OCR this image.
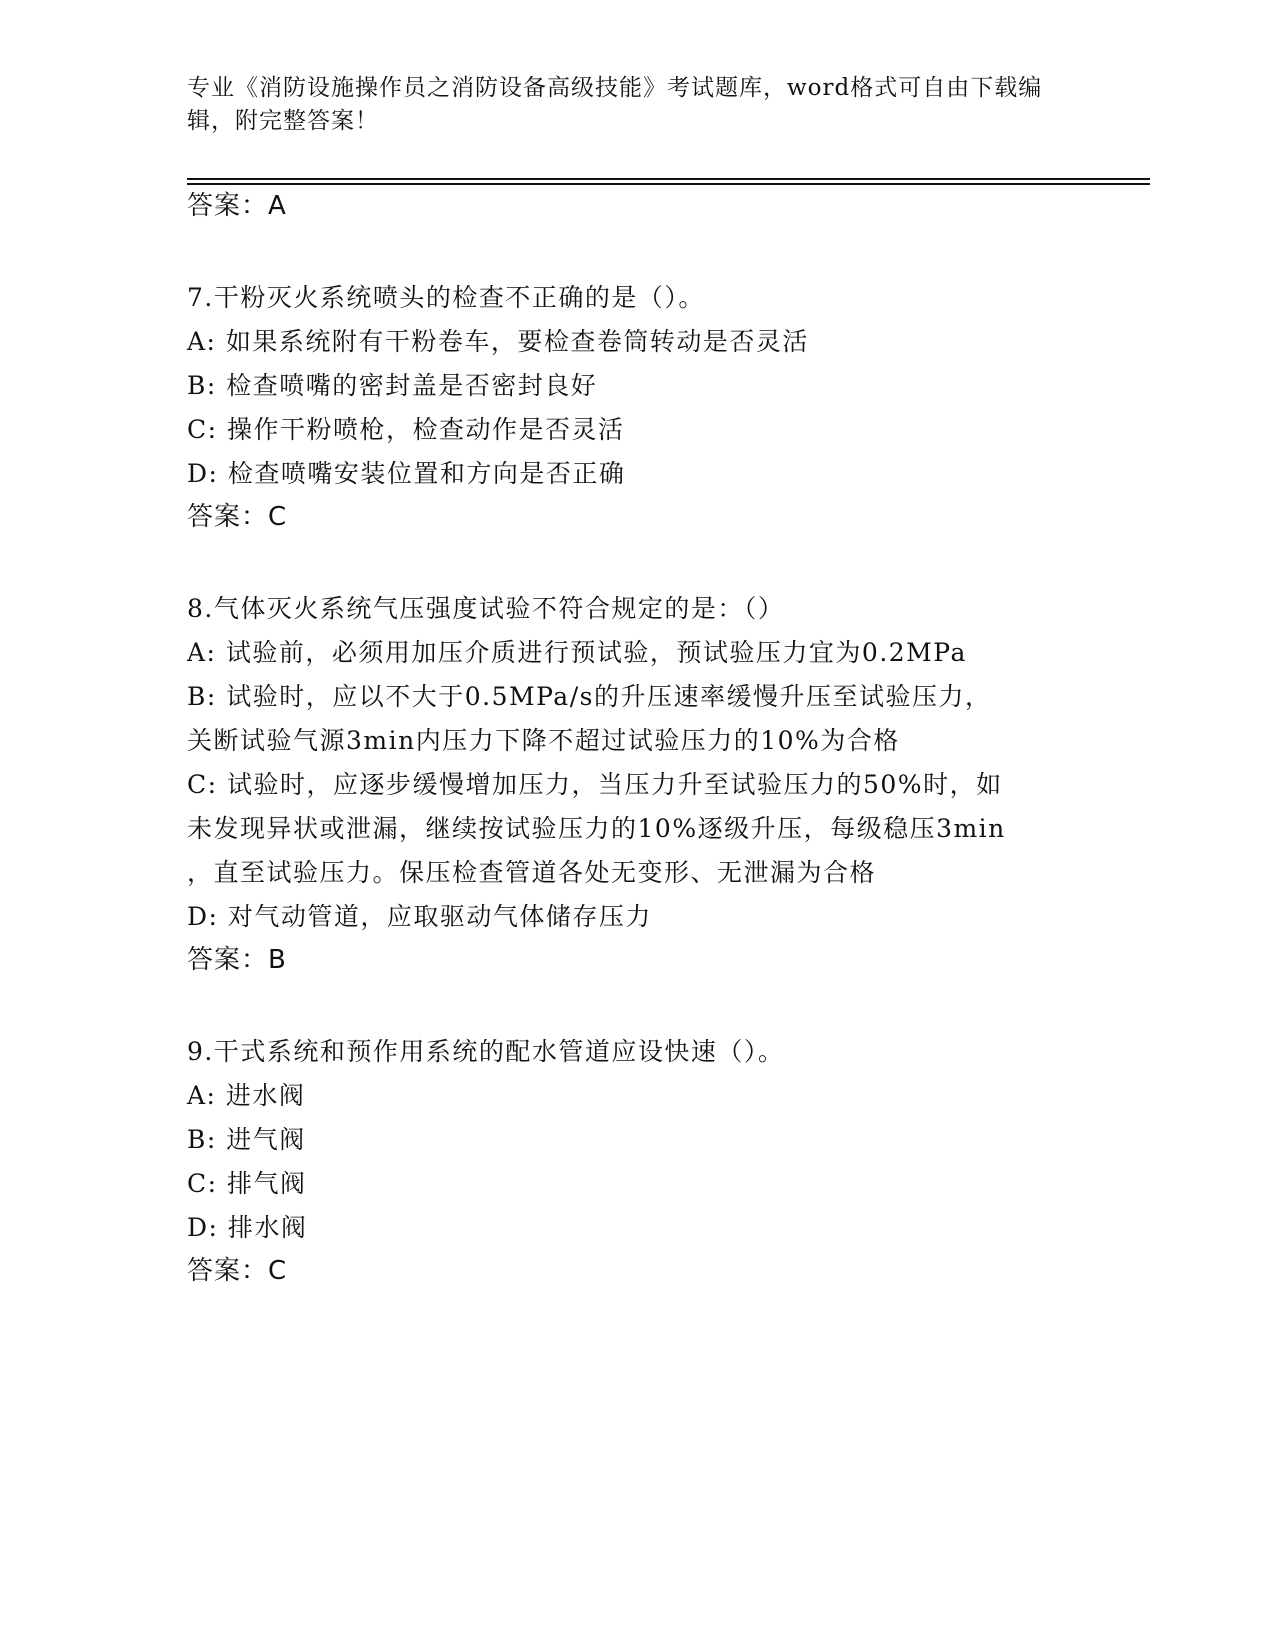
专业《消防设施操作员之消防设备高级技能》考试题库，word格式可自由下载编辑，附完整答案！
答案：A
7.干粉灭火系统喷头的检查不正确的是（）。
A: 如果系统附有干粉卷车，要检查卷筒转动是否灵活
B: 检查喷嘴的密封盖是否密封良好
C: 操作干粉喷枪，检查动作是否灵活
D: 检查喷嘴安装位置和方向是否正确
答案：C
8.气体灭火系统气压强度试验不符合规定的是：（）
A: 试验前，必须用加压介质进行预试验，预试验压力宜为0.2MPa
B: 试验时，应以不大于0.5MPa/s的升压速率缓慢升压至试验压力，
关断试验气源3min内压力下降不超过试验压力的10%为合格
C: 试验时，应逐步缓慢增加压力，当压力升至试验压力的50%时，如
未发现异状或泄漏，继续按试验压力的10%逐级升压，每级稳压3min
，直至试验压力。保压检查管道各处无变形、无泄漏为合格
D: 对气动管道，应取驱动气体储存压力
答案：B
9.干式系统和预作用系统的配水管道应设快速（）。
A: 进水阀
B: 进气阀
C: 排气阀
D: 排水阀
答案：C
